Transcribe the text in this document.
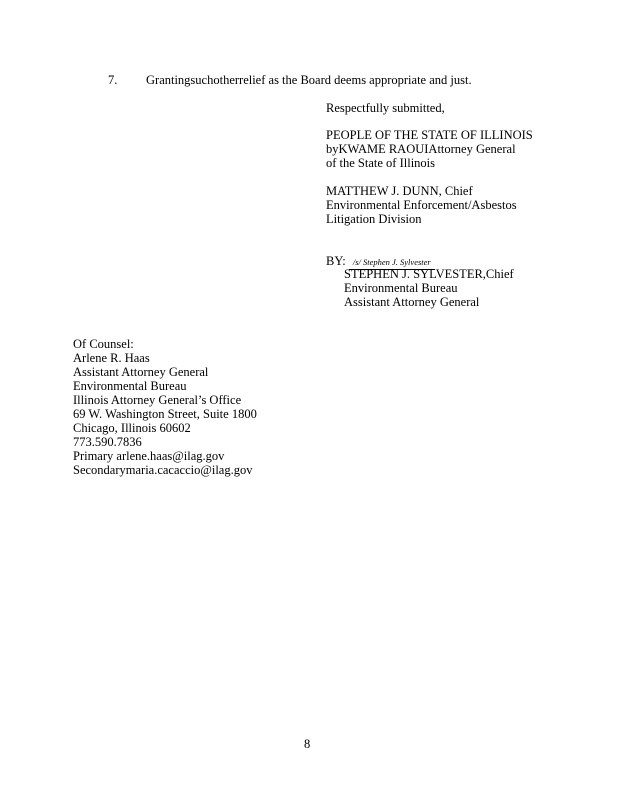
7. Grantingsuchotherrelief as the Board deems appropriate and just.
Respectfully submitted,
PEOPLE OF THE STATE OF ILLINOIS
byKWAME RAOUIAttorney General
of the State of Illinois
MATTHEW J. DUNN, Chief
Environmental Enforcement/Asbestos
Litigation Division
BY: /s/ Stephen J. Sylvester
STEPHEN J. SYLVESTER,Chief
Environmental Bureau
Assistant Attorney General
Of Counsel:
Arlene R. Haas
Assistant Attorney General
Environmental Bureau
Illinois Attorney General’s Office
69 W. Washington Street, Suite 1800
Chicago, Illinois 60602
773.590.7836
Primary arlene.haas@ilag.gov
Secondarymaria.cacaccio@ilag.gov
8
